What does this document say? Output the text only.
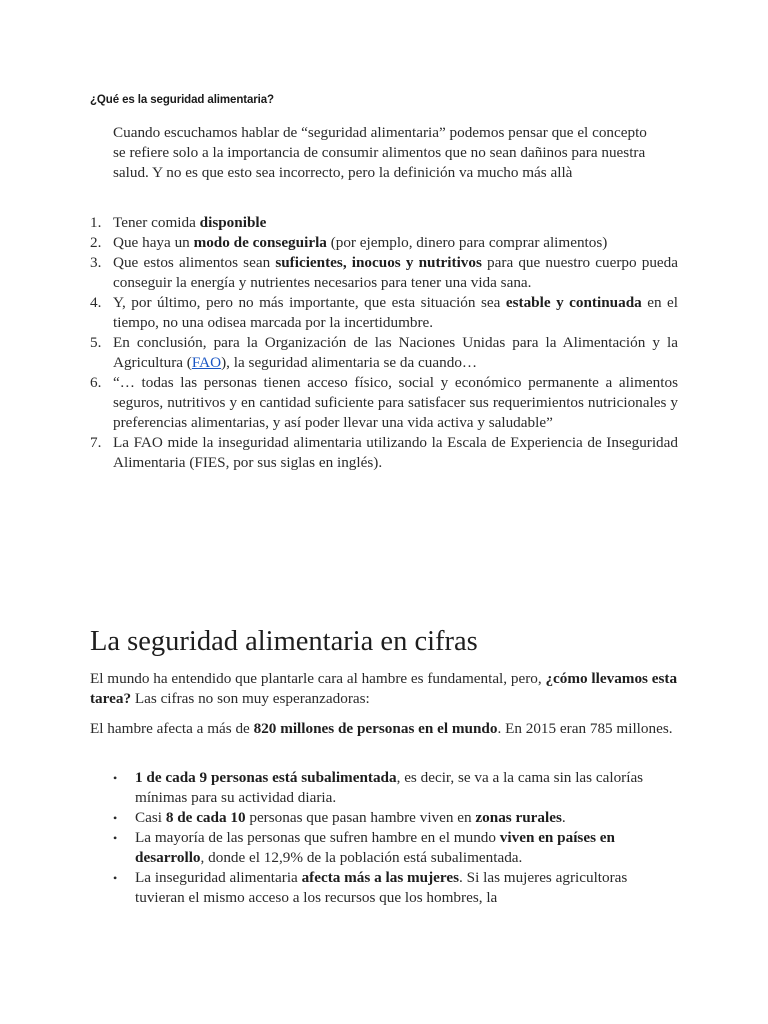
¿Qué es la seguridad alimentaria?
Cuando escuchamos hablar de “seguridad alimentaria” podemos pensar que el concepto se refiere solo a la importancia de consumir alimentos que no sean dañinos para nuestra salud. Y no es que esto sea incorrecto, pero la definición va mucho más allà
1. Tener comida disponible
2. Que haya un modo de conseguirla (por ejemplo, dinero para comprar alimentos)
3. Que estos alimentos sean suficientes, inocuos y nutritivos para que nuestro cuerpo pueda conseguir la energía y nutrientes necesarios para tener una vida sana.
4. Y, por último, pero no más importante, que esta situación sea estable y continuada en el tiempo, no una odisea marcada por la incertidumbre.
5. En conclusión, para la Organización de las Naciones Unidas para la Alimentación y la Agricultura (FAO), la seguridad alimentaria se da cuando…
6. “… todas las personas tienen acceso físico, social y económico permanente a alimentos seguros, nutritivos y en cantidad suficiente para satisfacer sus requerimientos nutricionales y preferencias alimentarias, y así poder llevar una vida activa y saludable”
7. La FAO mide la inseguridad alimentaria utilizando la Escala de Experiencia de Inseguridad Alimentaria (FIES, por sus siglas en inglés).
La seguridad alimentaria en cifras
El mundo ha entendido que plantarle cara al hambre es fundamental, pero, ¿cómo llevamos esta tarea? Las cifras no son muy esperanzadoras:
El hambre afecta a más de 820 millones de personas en el mundo. En 2015 eran 785 millones.
• 1 de cada 9 personas está subalimentada, es decir, se va a la cama sin las calorías mínimas para su actividad diaria.
• Casi 8 de cada 10 personas que pasan hambre viven en zonas rurales.
• La mayoría de las personas que sufren hambre en el mundo viven en países en desarrollo, donde el 12,9% de la población está subalimentada.
• La inseguridad alimentaria afecta más a las mujeres. Si las mujeres agricultoras tuvieran el mismo acceso a los recursos que los hombres, la
